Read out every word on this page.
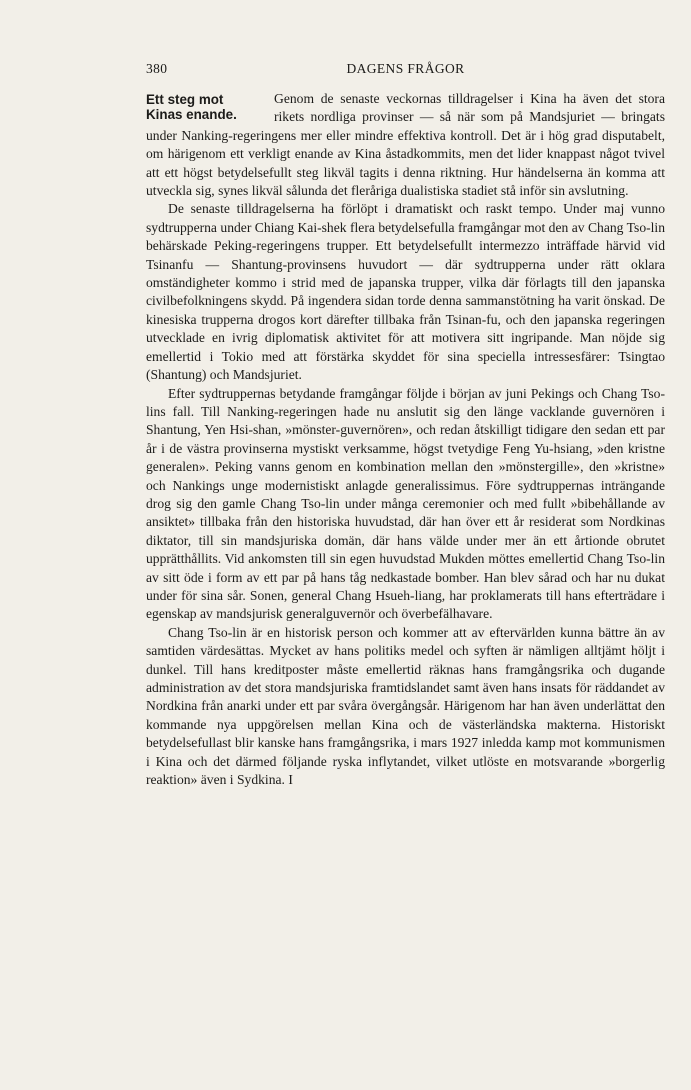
380	DAGENS FRÅGOR
Ett steg mot
Kinas enande.

Genom de senaste veckornas tilldragelser i Kina ha även det stora rikets nordliga provinser — så när som på Mandsjuriet — bringats under Nanking-regeringens mer eller mindre effektiva kontroll. Det är i hög grad disputabelt, om härigenom ett verkligt enande av Kina åstadkommits, men det lider knappast något tvivel att ett högst betydelsefullt steg likväl tagits i denna riktning. Hur händelserna än komma att utveckla sig, synes likväl sålunda det fleråriga dualistiska stadiet stå inför sin avslutning.

De senaste tilldragelserna ha förlöpt i dramatiskt och raskt tempo. Under maj vunno sydtrupperna under Chiang Kai-shek flera betydelsefulla framgångar mot den av Chang Tso-lin behärskade Peking-regeringens trupper. Ett betydelsefullt intermezzo inträffade härvid vid Tsinanfu — Shantung-provinsens huvudort — där sydtrupperna under rätt oklara omständigheter kommo i strid med de japanska trupper, vilka där förlagts till den japanska civilbefolkningens skydd. På ingendera sidan torde denna sammanstötning ha varit önskad. De kinesiska trupperna drogos kort därefter tillbaka från Tsinan-fu, och den japanska regeringen utvecklade en ivrig diplomatisk aktivitet för att motivera sitt ingripande. Man nöjde sig emellertid i Tokio med att förstärka skyddet för sina speciella intressesfärer: Tsingtao (Shantung) och Mandsjuriet.

Efter sydtruppernas betydande framgångar följde i början av juni Pekings och Chang Tso-lins fall. Till Nanking-regeringen hade nu anslutit sig den länge vacklande guvernören i Shantung, Yen Hsi-shan, »mönster-guvernören», och redan åtskilligt tidigare den sedan ett par år i de västra provinserna mystiskt verksamme, högst tvetydige Feng Yu-hsiang, »den kristne generalen». Peking vanns genom en kombination mellan den »mönstergille», den »kristne» och Nankings unge modernistiskt anlagde generalissimus. Före sydtruppernas inträngande drog sig den gamle Chang Tso-lin under många ceremonier och med fullt »bibehållande av ansiktet» tillbaka från den historiska huvudstad, där han över ett år residerat som Nordkinas diktator, till sin mandsjuriska domän, där hans välde under mer än ett årtionde obrutet upprätthållits. Vid ankomsten till sin egen huvudstad Mukden möttes emellertid Chang Tso-lin av sitt öde i form av ett par på hans tåg nedkastade bomber. Han blev sårad och har nu dukat under för sina sår. Sonen, general Chang Hsueh-liang, har proklamerats till hans efterträdare i egenskap av mandsjurisk generalguvernör och överbefälhavare.

Chang Tso-lin är en historisk person och kommer att av eftervärlden kunna bättre än av samtiden värdesättas. Mycket av hans politiks medel och syften är nämligen alltjämt höljt i dunkel. Till hans kreditposter måste emellertid räknas hans framgångsrika och dugande administration av det stora mandsjuriska framtidslandet samt även hans insats för räddandet av Nordkina från anarki under ett par svåra övergångsår. Härigenom har han även underlättat den kommande nya uppgörelsen mellan Kina och de västerländska makterna. Historiskt betydelsefullast blir kanske hans framgångsrika, i mars 1927 inledda kamp mot kommunismen i Kina och det därmed följande ryska inflytandet, vilket utlöste en motsvarande »borgerlig reaktion» även i Sydkina. I
